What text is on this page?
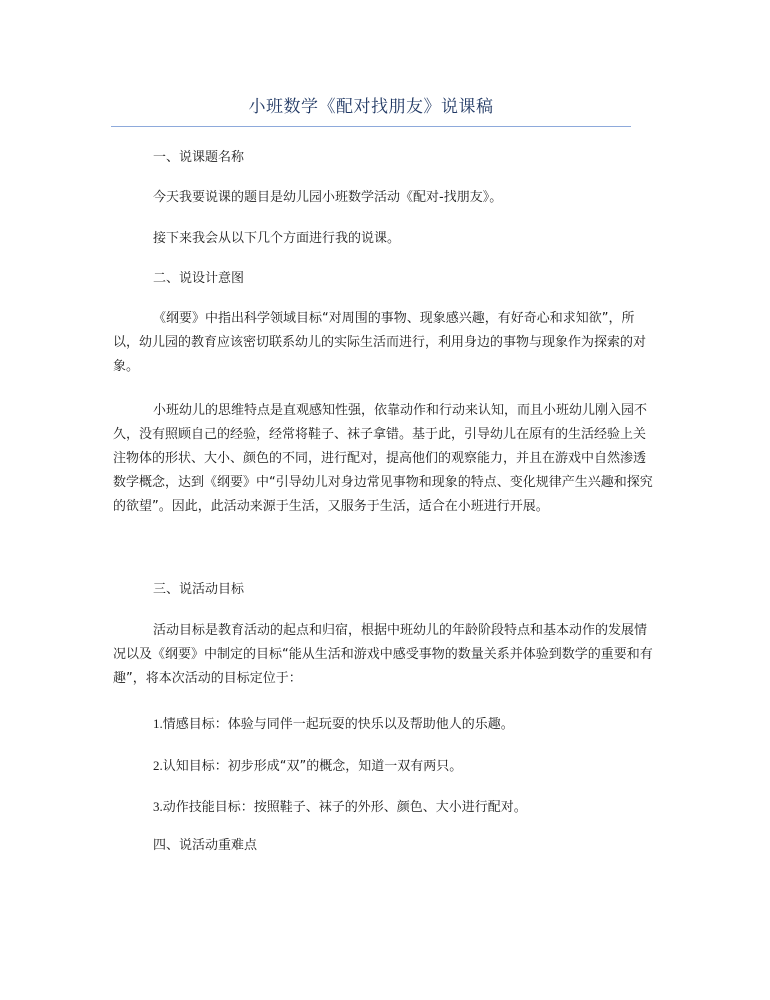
小班数学《配对找朋友》说课稿

一、说课题名称

今天我要说课的题目是幼儿园小班数学活动《配对-找朋友》。

接下来我会从以下几个方面进行我的说课。

二、说设计意图

《纲要》中指出科学领域目标“对周围的事物、现象感兴趣，有好奇心和求知欲”，所以，幼儿园的教育应该密切联系幼儿的实际生活而进行，利用身边的事物与现象作为探索的对象。

小班幼儿的思维特点是直观感知性强，依靠动作和行动来认知，而且小班幼儿刚入园不久，没有照顾自己的经验，经常将鞋子、袜子拿错。基于此，引导幼儿在原有的生活经验上关注物体的形状、大小、颜色的不同，进行配对，提高他们的观察能力，并且在游戏中自然渗透数学概念，达到《纲要》中“引导幼儿对身边常见事物和现象的特点、变化规律产生兴趣和探究的欲望”。因此，此活动来源于生活，又服务于生活，适合在小班进行开展。

三、说活动目标

活动目标是教育活动的起点和归宿，根据中班幼儿的年龄阶段特点和基本动作的发展情况以及《纲要》中制定的目标“能从生活和游戏中感受事物的数量关系并体验到数学的重要和有趣”，将本次活动的目标定位于：

1.情感目标：体验与同伴一起玩耍的快乐以及帮助他人的乐趣。

2.认知目标：初步形成“双”的概念，知道一双有两只。

3.动作技能目标：按照鞋子、袜子的外形、颜色、大小进行配对。

四、说活动重难点
